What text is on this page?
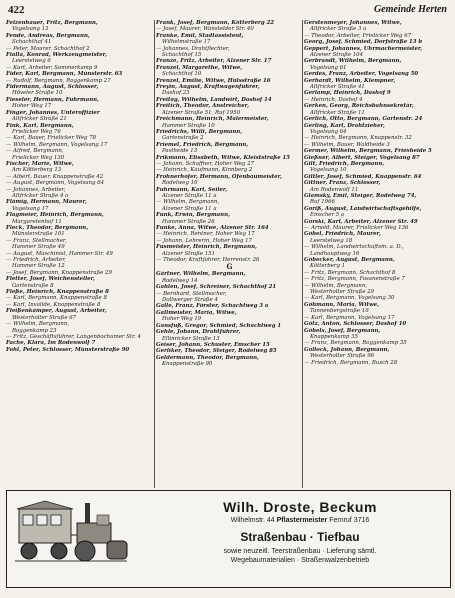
422	Gemeinde Herten
Felzenhauer, Fritz, Bergmann,
Vogelsang 13
Fende, Andreas, Bergmann,
Schachthof 41
— Peter, Maurer, Schachthof 2
Fialla, Konrad, Werkzeugmeister,
Leerstelweg 6
— Kurt, Arbeiter, Sommerkamp 9
Fider, Karl, Bergmann, Münsterstr. 63
— Rudolf, Bergmann, Roggenkamp 27
Fidermann, August, Schlosser,
Höveler Straße 10
Fieseler, Hermann, Fuhrmann,
Hoher Weg 17
Finger, Johannes, Unteroffizier
Altfricker Straße 21
Fink, Karl, Bergmann,
Frielicker Weg 76
— Karl, Bauer, Frielicker Weg 78
— Wilhelm, Bergmann, Vogelsang 17
— Alfred, Bergmann,
Frielicker Weg 130
Fischer, Marie, Witwe,
Am Kötterberg 13
— Albert, Bauer, Knappenstraße 42
— August, Bergmann, Vogelsang 64
— Johannes, Arbeiter,
Altfricker Straße 4 a
Flämig, Hermann, Maurer,
Vogelsang 17
Flagmeier, Heinrich, Bergmann,
Margaretenhof 11
Fleck, Theodor, Bergmann,
Münsterstraße 101
— Franz, Stellmacher,
Hammer Straße 49
— August, Maschinist, Hammer Str. 49
— Friedrich, Arbeiter,
Hammer Straße 12
— Josef, Bergmann, Knappenstraße 29
Fletter, Josef, Weichensteller,
Gartenstraße 8
Fleße, Heinrich, Knappenstraße 8
— Karl, Bergmann, Knappenstraße 8
— Karl, Invalide, Knappenstraße 8
Fleißenkämper, August, Arbeiter,
Westerholter Straße 67
— Wilhelm, Bergmann,
Roggenkamp 23
— Fritz, Geschäftsführer, Langenbochumer Str. 4
Fache, Klara, Im Rodenwolf 7
Fohl, Peter, Schlosser, Münsterstraße 90
Frank, Josef, Bergmann, Kötterberg 22
— Josef, Maurer, Wanstelder Str. 40
Franke, Emil, Stadtassistent,
Wilhelmstraße 17
— Johannes, Drahtflechter,
Schachthof 15
Franze, Fritz, Arbeiter, Alzener Str. 17
Franzel, Margarethe, Witwe,
Schachthof 10
Frenzel, Emilie, Witwe, Hülsstraße 16
Freyin, August, Kraftwagenführer,
Dashof 23
Freitag, Wilhelm, Landwirt, Dashof 14
Freitich, Theodor, Anstreicher,
Alzener Straße 51, Ruf 1950
Freichmann, Heinrich, Malermeister,
Hammer Straße 10
Friedrichs, Willi, Bergmann,
Gartenstraße 2
Friemel, Friedrich, Bergmann,
Pastheide 13
Frikmann, Elisabeth, Witwe, Kleiststraße 15
— Johann, Schaffner, Hoher Weg 27
— Heinrich, Kaufmann, Kinnberg 2
Frohnerhöfer, Hermann, Ofenbaumeister,
Rodelweg 10
Fuhrmann, Karl, Seiler,
Alzener Straße 11 a
— Wilhelm, Bergmann,
Alzener Straße 11 a
Funk, Erwin, Bergmann,
Hammer Straße 26
Funke, Anna, Witwe, Alzener Str. 164
— Heinrich, Rentner, Hoher Weg 17
— Johann, Lehrerin, Hoher Weg 17
Fusmeister, Heinrich, Bergmann,
Alzener Straße 151
— Theodor, Kraftfahrer, Herrenstr. 26
G
Gärtner, Wilhelm, Bergmann,
Rodelweg 14
Gahlen, Josef, Schreiner, Schachthof 21
— Bernhard, Stellmacher,
Dollwerger Straße 4
Galle, Franz, Förster, Schachtweg 3 a
Gallmeister, Maria, Witwe,
Hoher Weg 19
Gansfuß, Gregor, Schmied, Schachtweg 1
Gehle, Johann, Drahtführer,
Ellinricker Straße 13
Geiser, Johann, Schuster, Emscher 15
Gerliker, Theodor, Steiger, Rodelweg 85
Geldermann, Theodor, Bergmann,
Knappenstraße 90
Gerstenmeyer, Johannes, Witwe,
Altfricker Straße 3 a
— Theodor, Arbeiter, Frielicker Weg 67
Georg, Josef, Schmied, Dorfstraße 13 b
Geppert, Johannes, Uhrmachermeister,
Alzener Straße 104
Gerbrandt, Wilhelm, Bergmann,
Vogelsang 61
Gerdes, Franz, Arbeiter, Vogelsang 50
Gerhardt, Wilhelm, Klempner,
Altfricker Straße 41
Gerlamp, Heinrich, Dashof 9
— Heinrich, Dashof 4
Gerken, Georg, Reichsbahnsekretär,
Altfricker Straße 11
Gerlich, Otto, Bergmann, Gartenstr. 24
Gerling, Karl, Drahtzieher,
Vogelsang 64
— Heinrich, Bergmann, Knappenstr. 32
— Wilhelm, Bauer, Waldheide 3
Germer, Wilhelm, Bergmann, Friesheide 5
Gießner, Albert, Steiger, Vogelsang 87
Gilt, Friedrich, Bergmann,
Vogelsang 10
Giltler, Josef, Schmied, Knappenstr. 64
Gittner, Franz, Schlosser,
Am Rodenwolf 11
Glamsky, Emil, Steiger, Rodelweg 74,
Ruf 1966
Goriß, August, Landwirtschaftsgehilfe,
Emscher 5 a
Gorski, Karl, Arbeiter, Alzener Str. 49
— Arnold, Maurer, Frielicker Weg 136
Göbel, Friedrich, Maurer,
Leerstelweg 18
— Wilhelm, Landwirtschaftsm. a. D.,
Landhauptweg 16
Göbecker, August, Bergmann,
Kötterberg 1
— Fritz, Bergmann, Schachthof 8
— Fritz, Bergmann, Fasanenstraße 7
— Wilhelm, Bergmann,
Westerholter Straße 29
— Karl, Bergmann, Vogelsang 30
Göhmann, Maria, Witwe,
Tannenbergstraße 16
— Karl, Bergmann, Vogelsang 17
Götz, Anton, Schlosser, Dashof 10
Göbels, Josef, Bergmann,
Knappenkamp 35
— Franz, Bergmann, Roggenkamp 35
Gollock, Johann, Bergmann,
Westerholter Straße 96
— Friedrich, Bergmann, Busch 28
Wilh. Droste, Beckum
Wilhelmstr. 44 Pflastermeister Fernruf 3716
Straßenbau · Tiefbau
sowie neuzeitl. Teerstraßenbau · Lieferung sämtl.
Wegebaumaterialien · Straßenwalzenbetrieb
